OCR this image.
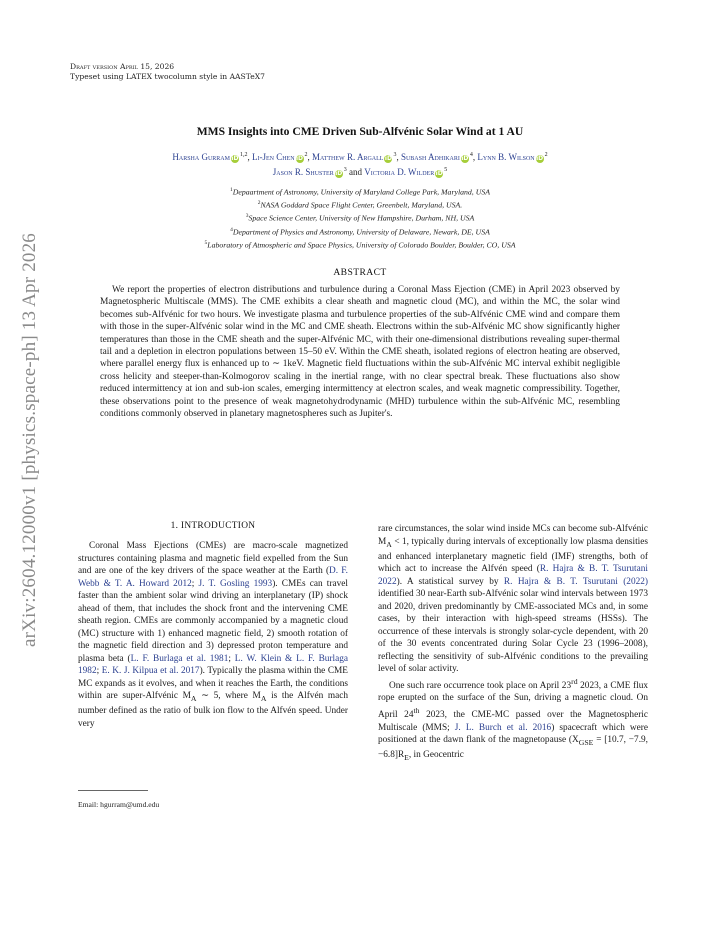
arXiv:2604.12000v1 [physics.space-ph] 13 Apr 2026
Draft version April 15, 2026
Typeset using LATEX twocolumn style in AASTeX7
MMS Insights into CME Driven Sub-Alfvénic Solar Wind at 1 AU
Harsha GurramiD$^{1,2}$, Li-Jen CheniD$^2$, Matthew R. ArgalliD$^3$, Subash AdhikariiD$^4$, Lynn B. WilsoniD$^2$
Jason R. ShusteriD$^3$ and Victoria D. WilderiD$^5$
$^1$Depaartment of Astronomy, University of Maryland College Park, Maryland, USA
$^2$NASA Goddard Space Flight Center, Greenbelt, Maryland, USA.
$^3$Space Science Center, University of New Hampshire, Durham, NH, USA
$^4$Department of Physics and Astronomy, University of Delaware, Newark, DE, USA
$^5$Laboratory of Atmospheric and Space Physics, University of Colorado Boulder, Boulder, CO, USA
ABSTRACT
We report the properties of electron distributions and turbulence during a Coronal Mass Ejection (CME) in April 2023 observed by Magnetospheric Multiscale (MMS). The CME exhibits a clear sheath and magnetic cloud (MC), and within the MC, the solar wind becomes sub-Alfvénic for two hours. We investigate plasma and turbulence properties of the sub-Alfvénic CME wind and compare them with those in the super-Alfvénic solar wind in the MC and CME sheath. Electrons within the sub-Alfvénic MC show significantly higher temperatures than those in the CME sheath and the super-Alfvénic MC, with their one-dimensional distributions revealing super-thermal tail and a depletion in electron populations between 15–50 eV. Within the CME sheath, isolated regions of electron heating are observed, where parallel energy flux is enhanced up to ∼ 1keV. Magnetic field fluctuations within the sub-Alfvénic MC interval exhibit negligible cross helicity and steeper-than-Kolmogorov scaling in the inertial range, with no clear spectral break. These fluctuations also show reduced intermittency at ion and sub-ion scales, emerging intermittency at electron scales, and weak magnetic compressibility. Together, these observations point to the presence of weak magnetohydrodynamic (MHD) turbulence within the sub-Alfvénic MC, resembling conditions commonly observed in planetary magnetospheres such as Jupiter's.
1. INTRODUCTION

Coronal Mass Ejections (CMEs) are macro-scale magnetized structures containing plasma and magnetic field expelled from the Sun and are one of the key drivers of the space weather at the Earth (D. F. Webb & T. A. Howard 2012; J. T. Gosling 1993). CMEs can travel faster than the ambient solar wind driving an interplanetary (IP) shock ahead of them, that includes the shock front and the intervening CME sheath region. CMEs are commonly accompanied by a magnetic cloud (MC) structure with 1) enhanced magnetic field, 2) smooth rotation of the magnetic field direction and 3) depressed proton temperature and plasma beta (L. F. Burlaga et al. 1981; L. W. Klein & L. F. Burlaga 1982; E. K. J. Kilpua et al. 2017). Typically the plasma within the CME MC expands as it evolves, and when it reaches the Earth, the conditions within are super-Alfvénic $M_A$ ∼ 5, where $M_A$ is the Alfvén mach number defined as the ratio of bulk ion flow to the Alfvén speed. Under very

rare circumstances, the solar wind inside MCs can become sub-Alfvénic $M_A < 1$, typically during intervals of exceptionally low plasma densities and enhanced interplanetary magnetic field (IMF) strengths, both of which act to increase the Alfvén speed (R. Hajra & B. T. Tsurutani 2022). A statistical survey by R. Hajra & B. T. Tsurutani (2022) identified 30 near-Earth sub-Alfvénic solar wind intervals between 1973 and 2020, driven predominantly by CME-associated MCs and, in some cases, by their interaction with high-speed streams (HSSs). The occurrence of these intervals is strongly solar-cycle dependent, with 20 of the 30 events concentrated during Solar Cycle 23 (1996–2008), reflecting the sensitivity of sub-Alfvénic conditions to the prevailing level of solar activity.

One such rare occurrence took place on April 23rd 2023, a CME flux rope erupted on the surface of the Sun, driving a magnetic cloud. On April 24th 2023, the CME-MC passed over the Magnetospheric Multiscale (MMS; J. L. Burch et al. 2016) spacecraft which were positioned at the dawn flank of the magnetopause ($X_{GSE} = [10.7$, −7.9, $-6.8]R_E$, in Geocentric

Email: hgurram@umd.edu
